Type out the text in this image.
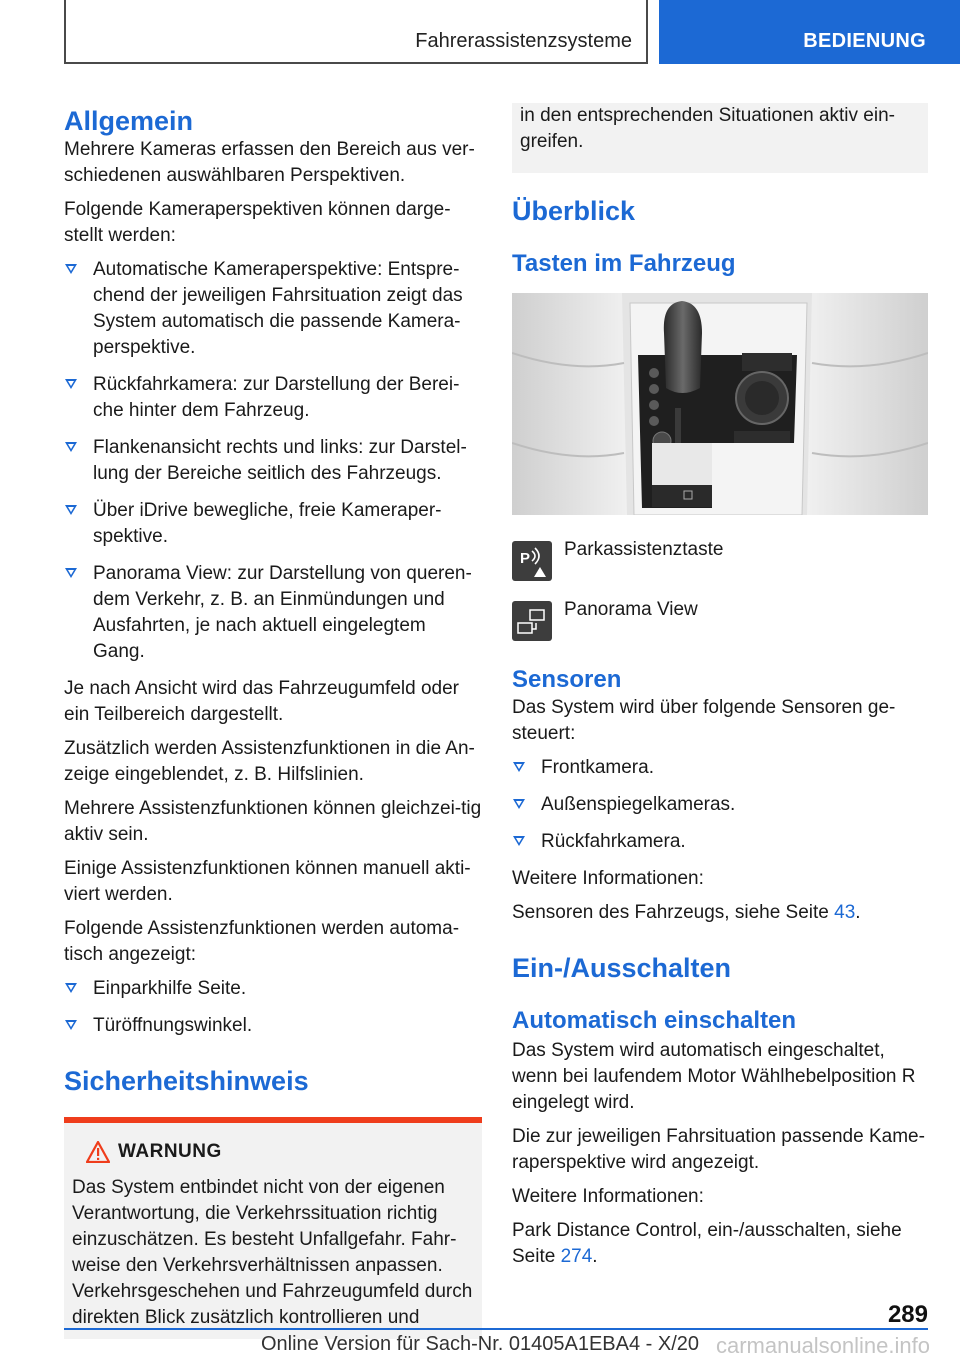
Fahrerassistenzsysteme	BEDIENUNG
Allgemein

Mehrere Kameras erfassen den Bereich aus ver-schiedenen auswählbaren Perspektiven.

Folgende Kameraperspektiven können darge-stellt werden:

Automatische Kameraperspektive: Entspre-chend der jeweiligen Fahrsituation zeigt das System automatisch die passende Kamera-perspektive.
Rückfahrkamera: zur Darstellung der Berei-che hinter dem Fahrzeug.
Flankenansicht rechts und links: zur Darstel-lung der Bereiche seitlich des Fahrzeugs.
Über iDrive bewegliche, freie Kameraper-spektive.
Panorama View: zur Darstellung von queren-dem Verkehr, z. B. an Einmündungen und Ausfahrten, je nach aktuell eingelegtem Gang.

Je nach Ansicht wird das Fahrzeugumfeld oder ein Teilbereich dargestellt.

Zusätzlich werden Assistenzfunktionen in die An-zeige eingeblendet, z. B. Hilfslinien.

Mehrere Assistenzfunktionen können gleichzei-tig aktiv sein.

Einige Assistenzfunktionen können manuell akti-viert werden.

Folgende Assistenzfunktionen werden automa-tisch angezeigt:

Einparkhilfe Seite.
Türöffnungswinkel.
Sicherheitshinweis
WARNUNG

Das System entbindet nicht von der eigenen Verantwortung, die Verkehrssituation richtig einzuschätzen. Es besteht Unfallgefahr. Fahr-weise den Verkehrsverhältnissen anpassen. Verkehrsgeschehen und Fahrzeugumfeld durch direkten Blick zusätzlich kontrollieren und

in den entsprechenden Situationen aktiv ein-greifen.

Überblick
Tasten im Fahrzeug
P Parkassistenztaste
Panorama View
Sensoren

Das System wird über folgende Sensoren ge-steuert:

Frontkamera.
Außenspiegelkameras.
Rückfahrkamera.

Weitere Informationen:

Sensoren des Fahrzeugs, siehe Seite 43.

Ein-/Ausschalten
Automatisch einschalten

Das System wird automatisch eingeschaltet, wenn bei laufendem Motor Wählhebelposition R eingelegt wird.

Die zur jeweiligen Fahrsituation passende Kame-raperspektive wird angezeigt.

Weitere Informationen:

Park Distance Control, ein-/ausschalten, siehe Seite 274.

289
Online Version für Sach-Nr. 01405A1EBA4 - X/20 carmanualsonline.info
